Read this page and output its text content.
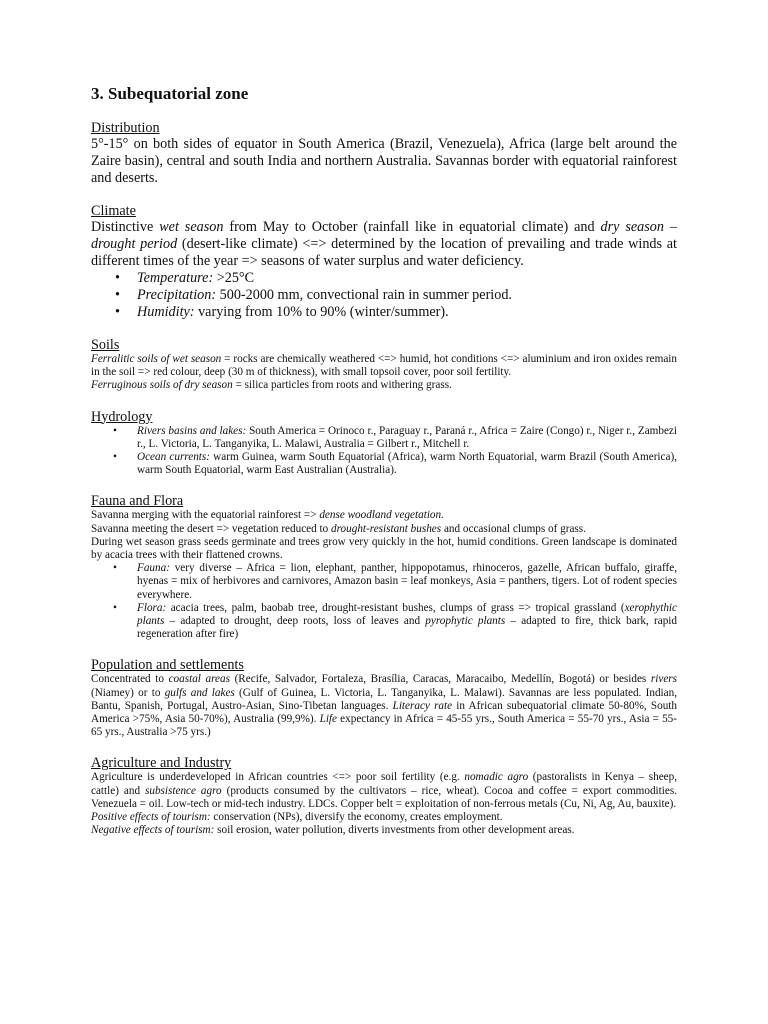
3. Subequatorial zone
Distribution

5°-15° on both sides of equator in South America (Brazil, Venezuela), Africa (large belt around the Zaire basin), central and south India and northern Australia. Savannas border with equatorial rainforest and deserts.

Climate

Distinctive wet season from May to October (rainfall like in equatorial climate) and dry season – drought period (desert-like climate) <=> determined by the location of prevailing and trade winds at different times of the year => seasons of water surplus and water deficiency.

• Temperature: >25°C
• Precipitation: 500-2000 mm, convectional rain in summer period.
• Humidity: varying from 10% to 90% (winter/summer).
Soils

Ferralitic soils of wet season = rocks are chemically weathered <=> humid, hot conditions <=> aluminium and iron oxides remain in the soil => red colour, deep (30 m of thickness), with small topsoil cover, poor soil fertility.

Ferruginous soils of dry season = silica particles from roots and withering grass.

Hydrology
• Rivers basins and lakes: South America = Orinoco r., Paraguay r., Paraná r., Africa = Zaire (Congo) r., Niger r., Zambezi r., L. Victoria, L. Tanganyika, L. Malawi, Australia = Gilbert r., Mitchell r.
• Ocean currents: warm Guinea, warm South Equatorial (Africa), warm North Equatorial, warm Brazil (South America), warm South Equatorial, warm East Australian (Australia).
Fauna and Flora

Savanna merging with the equatorial rainforest => dense woodland vegetation.

Savanna meeting the desert => vegetation reduced to drought-resistant bushes and occasional clumps of grass.

During wet season grass seeds germinate and trees grow very quickly in the hot, humid conditions. Green landscape is dominated by acacia trees with their flattened crowns.

• Fauna: very diverse – Africa = lion, elephant, panther, hippopotamus, rhinoceros, gazelle, African buffalo, giraffe, hyenas = mix of herbivores and carnivores, Amazon basin = leaf monkeys, Asia = panthers, tigers. Lot of rodent species everywhere.
• Flora: acacia trees, palm, baobab tree, drought-resistant bushes, clumps of grass => tropical grassland (xerophythic plants – adapted to drought, deep roots, loss of leaves and pyrophytic plants – adapted to fire, thick bark, rapid regeneration after fire)
Population and settlements

Concentrated to coastal areas (Recife, Salvador, Fortaleza, Brasília, Caracas, Maracaibo, Medellín, Bogotá) or besides rivers (Niamey) or to gulfs and lakes (Gulf of Guinea, L. Victoria, L. Tanganyika, L. Malawi). Savannas are less populated. Indian, Bantu, Spanish, Portugal, Austro-Asian, Sino-Tibetan languages. Literacy rate in African subequatorial climate 50-80%, South America >75%, Asia 50-70%), Australia (99,9%). Life expectancy in Africa = 45-55 yrs., South America = 55-70 yrs., Asia = 55-65 yrs., Australia >75 yrs.)

Agriculture and Industry

Agriculture is underdeveloped in African countries <=> poor soil fertility (e.g. nomadic agro (pastoralists in Kenya – sheep, cattle) and subsistence agro (products consumed by the cultivators – rice, wheat). Cocoa and coffee = export commodities. Venezuela = oil. Low-tech or mid-tech industry. LDCs. Copper belt = exploitation of non-ferrous metals (Cu, Ni, Ag, Au, bauxite).

Positive effects of tourism: conservation (NPs), diversify the economy, creates employment.

Negative effects of tourism: soil erosion, water pollution, diverts investments from other development areas.
